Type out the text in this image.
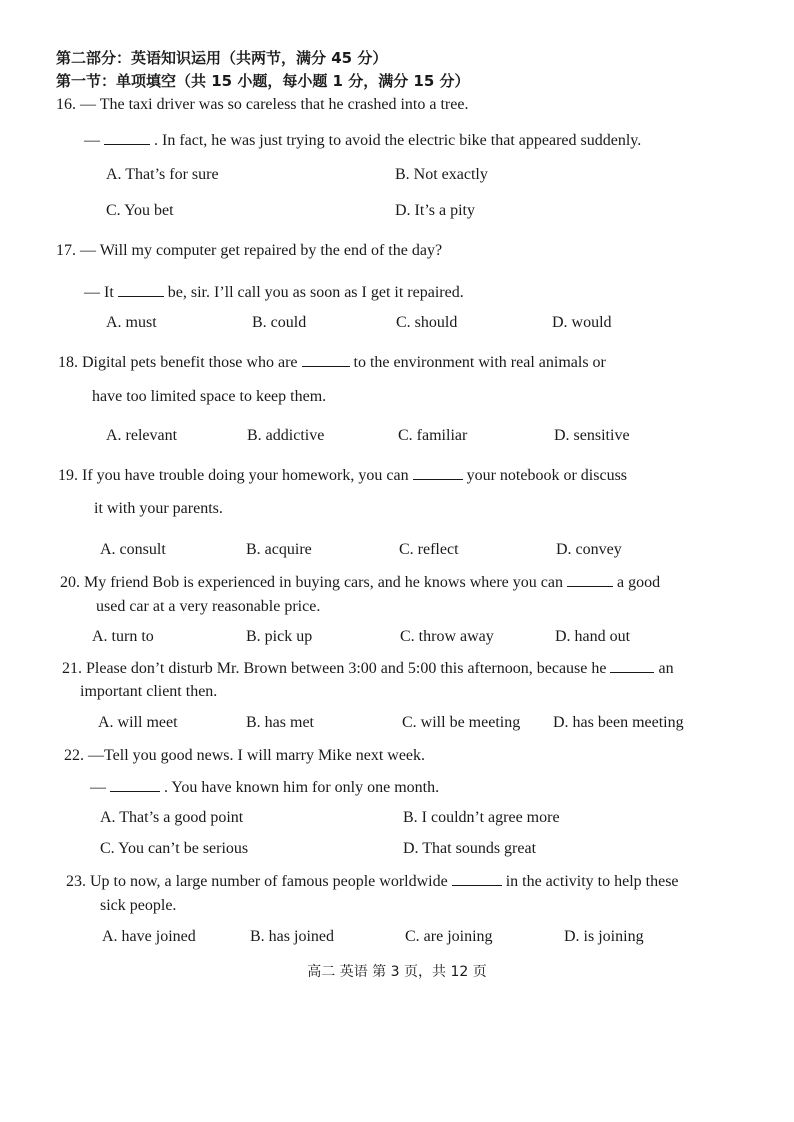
第二部分：英语知识运用（共两节，满分 45 分）
第一节：单项填空（共 15 小题，每小题 1 分，满分 15 分）
16. — The taxi driver was so careless that he crashed into a tree.
—	. In fact, he was just trying to avoid the electric bike that appeared suddenly.
A. That’s for sure	B. Not exactly
C. You bet	D. It’s a pity
17. — Will my computer get repaired by the end of the day?
— It	be, sir. I’ll call you as soon as I get it repaired.
A. must	B. could	C. should	D. would
18. Digital pets benefit those who are	to the environment with real animals or
have too limited space to keep them.
A. relevant	B. addictive	C. familiar	D. sensitive
19. If you have trouble doing your homework, you can	your notebook or discuss
it with your parents.
A. consult	B. acquire	C. reflect	D. convey
20. My friend Bob is experienced in buying cars, and he knows where you can	a good
used car at a very reasonable price.
A. turn to	B. pick up	C. throw away	D. hand out
21. Please don’t disturb Mr. Brown between 3:00 and 5:00 this afternoon, because he	an
important client then.
A. will meet	B. has met	C. will be meeting D. has been meeting
22. —Tell you good news. I will marry Mike next week.
—	. You have known him for only one month.
A. That’s a good point	B. I couldn’t agree more
C. You can’t be serious	D. That sounds great
23. Up to now, a large number of famous people worldwide	in the activity to help these
sick people.
A. have joined	B. has joined	C. are joining	D. is joining
高二 英语 第 3 页，共 12 页
